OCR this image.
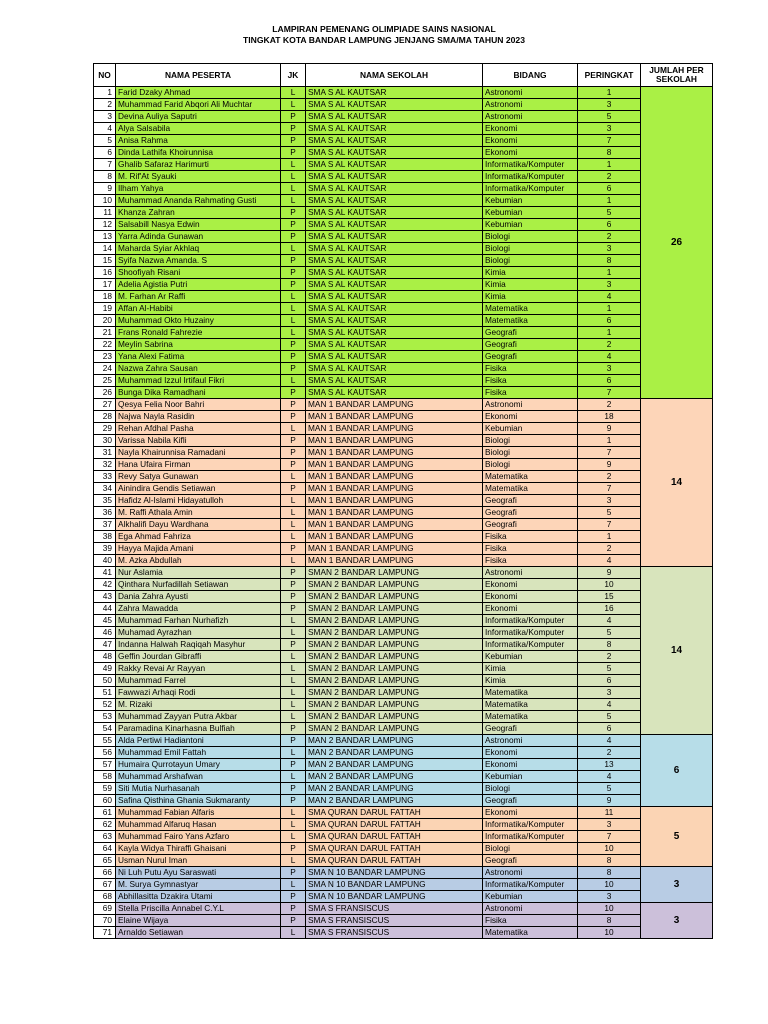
LAMPIRAN PEMENANG OLIMPIADE SAINS NASIONAL
TINGKAT KOTA BANDAR LAMPUNG JENJANG SMA/MA TAHUN 2023
NO	NAMA PESERTA	JK	NAMA SEKOLAH	BIDANG	PERINGKAT	JUMLAH PER SEKOLAH
1	Farid Dzaky Ahmad	L	SMA S AL KAUTSAR	Astronomi	1	26
2	Muhammad Farid Abqori Ali Muchtar	L	SMA S AL KAUTSAR	Astronomi	3	
3	Devina Auliya Saputri	P	SMA S AL KAUTSAR	Astronomi	5	
4	Alya Salsabila	P	SMA S AL KAUTSAR	Ekonomi	3	
5	Anisa Rahma	P	SMA S AL KAUTSAR	Ekonomi	7	
6	Dinda Lathifa Khoirunnisa	P	SMA S AL KAUTSAR	Ekonomi	8	
7	Ghalib Safaraz Harimurti	L	SMA S AL KAUTSAR	Informatika/Komputer	1	
8	M. Rif'At Syauki	L	SMA S AL KAUTSAR	Informatika/Komputer	2	
9	Ilham Yahya	L	SMA S AL KAUTSAR	Informatika/Komputer	6	
10	Muhammad Ananda Rahmating Gusti	L	SMA S AL KAUTSAR	Kebumian	1	
11	Khanza Zahran	P	SMA S AL KAUTSAR	Kebumian	5	
12	Salsabill Nasya Edwin	P	SMA S AL KAUTSAR	Kebumian	6	
13	Yarra Adinda Gunawan	P	SMA S AL KAUTSAR	Biologi	2	
14	Maharda Syiar Akhlaq	L	SMA S AL KAUTSAR	Biologi	3	
15	Syifa Nazwa Amanda. S	P	SMA S AL KAUTSAR	Biologi	8	
16	Shoofiyah Risani	P	SMA S AL KAUTSAR	Kimia	1	
17	Adelia Agistia Putri	P	SMA S AL KAUTSAR	Kimia	3	
18	M. Farhan Ar Raffi	L	SMA S AL KAUTSAR	Kimia	4	
19	Affan Al-Habibi	L	SMA S AL KAUTSAR	Matematika	1	
20	Muhammad Okto Huzainy	L	SMA S AL KAUTSAR	Matematika	6	
21	Frans Ronald Fahrezie	L	SMA S AL KAUTSAR	Geografi	1	
22	Meylin Sabrina	P	SMA S AL KAUTSAR	Geografi	2	
23	Yana Alexi Fatima	P	SMA S AL KAUTSAR	Geografi	4	
24	Nazwa Zahra Sausan	P	SMA S AL KAUTSAR	Fisika	3	
25	Muhammad Izzul Irtifaul Fikri	L	SMA S AL KAUTSAR	Fisika	6	
26	Bunga Dika Ramadhani	P	SMA S AL KAUTSAR	Fisika	7	
27	Qesya Felia Noor Bahri	P	MAN 1 BANDAR LAMPUNG	Astronomi	2	14
28	Najwa Nayla Rasidin	P	MAN 1 BANDAR LAMPUNG	Ekonomi	18	
29	Rehan Afdhal Pasha	L	MAN 1 BANDAR LAMPUNG	Kebumian	9	
30	Varissa Nabila Kifli	P	MAN 1 BANDAR LAMPUNG	Biologi	1	
31	Nayla Khairunnisa Ramadani	P	MAN 1 BANDAR LAMPUNG	Biologi	7	
32	Hana Ufaira Firman	P	MAN 1 BANDAR LAMPUNG	Biologi	9	
33	Revy Satya Gunawan	L	MAN 1 BANDAR LAMPUNG	Matematika	2	
34	Ainindira Gendis Setiawan	P	MAN 1 BANDAR LAMPUNG	Matematika	7	
35	Hafidz Al-Islami Hidayatulloh	L	MAN 1 BANDAR LAMPUNG	Geografi	3	
36	M. Raffi Athala Amin	L	MAN 1 BANDAR LAMPUNG	Geografi	5	
37	Alkhalifi Dayu Wardhana	L	MAN 1 BANDAR LAMPUNG	Geografi	7	
38	Ega Ahmad Fahriza	L	MAN 1 BANDAR LAMPUNG	Fisika	1	
39	Hayya Majida Amani	P	MAN 1 BANDAR LAMPUNG	Fisika	2	
40	M. Azka Abdullah	L	MAN 1 BANDAR LAMPUNG	Fisika	4	
41	Nur Aslamia	P	SMAN 2 BANDAR LAMPUNG	Astronomi	9	14
42	Qinthara Nurfadillah Setiawan	P	SMAN 2 BANDAR LAMPUNG	Ekonomi	10	
43	Dania Zahra Ayusti	P	SMAN 2 BANDAR LAMPUNG	Ekonomi	15	
44	Zahra Mawadda	P	SMAN 2 BANDAR LAMPUNG	Ekonomi	16	
45	Muhammad Farhan Nurhafizh	L	SMAN 2 BANDAR LAMPUNG	Informatika/Komputer	4	
46	Muhamad Ayrazhan	L	SMAN 2 BANDAR LAMPUNG	Informatika/Komputer	5	
47	Indanna Halwah Raqiqah Masyhur	P	SMAN 2 BANDAR LAMPUNG	Informatika/Komputer	8	
48	Geffin Jourdan Gibraffi	L	SMAN 2 BANDAR LAMPUNG	Kebumian	2	
49	Rakky Revai Ar Rayyan	L	SMAN 2 BANDAR LAMPUNG	Kimia	5	
50	Muhammad Farrel	L	SMAN 2 BANDAR LAMPUNG	Kimia	6	
51	Fawwazi Arhaqi Rodi	L	SMAN 2 BANDAR LAMPUNG	Matematika	3	
52	M. Rizaki	L	SMAN 2 BANDAR LAMPUNG	Matematika	4	
53	Muhammad Zayyan Putra Akbar	L	SMAN 2 BANDAR LAMPUNG	Matematika	5	
54	Paramadina Kinarhasna Bulfiah	P	SMAN 2 BANDAR LAMPUNG	Geografi	6	
55	Alda Pertiwi Hadiantoni	P	MAN 2 BANDAR LAMPUNG	Astronomi	4	6
56	Muhammad Emil Fattah	L	MAN 2 BANDAR LAMPUNG	Ekonomi	2	
57	Humaira Qurrotayun Umary	P	MAN 2 BANDAR LAMPUNG	Ekonomi	13	
58	Muhammad Arshafwan	L	MAN 2 BANDAR LAMPUNG	Kebumian	4	
59	Siti Mutia Nurhasanah	P	MAN 2 BANDAR LAMPUNG	Biologi	5	
60	Safina Qisthina Ghania Sukmaranty	P	MAN 2 BANDAR LAMPUNG	Geografi	9	
61	Muhammad Fabian Alfaris	L	SMA QURAN DARUL FATTAH	Ekonomi	11	5
62	Muhammad Alfaruq Hasan	L	SMA QURAN DARUL FATTAH	Informatika/Komputer	3	
63	Muhammad Fairo Yans Azfaro	L	SMA QURAN DARUL FATTAH	Informatika/Komputer	7	
64	Kayla Widya Thiraffi Ghaisani	P	SMA QURAN DARUL FATTAH	Biologi	10	
65	Usman Nurul Iman	L	SMA QURAN DARUL FATTAH	Geografi	8	
66	Ni Luh Putu Ayu Saraswati	P	SMA N 10 BANDAR LAMPUNG	Astronomi	8	3
67	M. Surya Gymnastyar	L	SMA N 10 BANDAR LAMPUNG	Informatika/Komputer	10	
68	Abhillasitta Dzakira Utami	P	SMA N 10 BANDAR LAMPUNG	Kebumian	3	
69	Stella Priscilla Annabel C.Y.L	P	SMA S FRANSISCUS	Astronomi	10	3
70	Elaine Wijaya	P	SMA S FRANSISCUS	Fisika	8	
71	Arnaldo Setiawan	L	SMA S FRANSISCUS	Matematika	10	
